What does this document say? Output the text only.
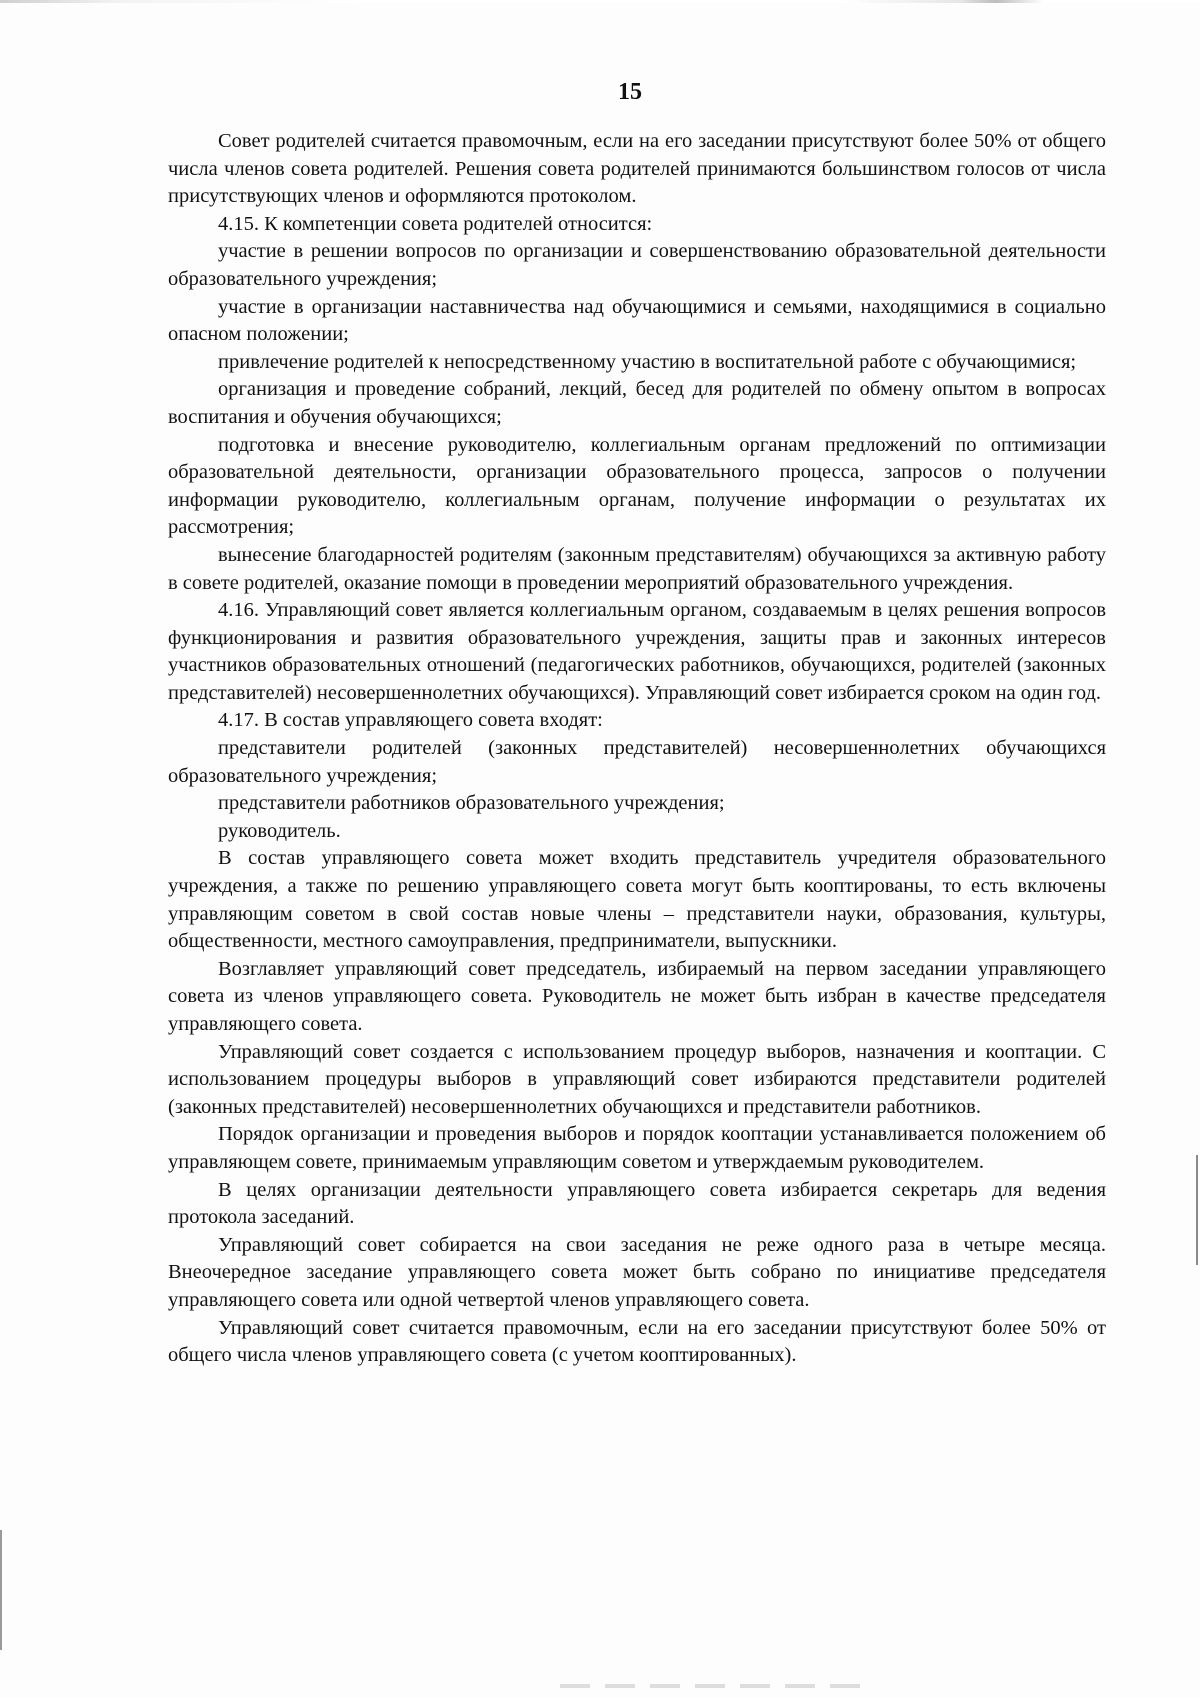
15

Совет родителей считается правомочным, если на его заседании присутствуют более 50% от общего числа членов совета родителей. Решения совета родителей принимаются большинством голосов от числа присутствующих членов и оформляются протоколом.

4.15. К компетенции совета родителей относится:

участие в решении вопросов по организации и совершенствованию образовательной деятельности образовательного учреждения;

участие в организации наставничества над обучающимися и семьями, находящимися в социально опасном положении;

привлечение родителей к непосредственному участию в воспитательной работе с обучающимися;

организация и проведение собраний, лекций, бесед для родителей по обмену опытом в вопросах воспитания и обучения обучающихся;

подготовка и внесение руководителю, коллегиальным органам предложений по оптимизации образовательной деятельности, организации образовательного процесса, запросов о получении информации руководителю, коллегиальным органам, получение информации о результатах их рассмотрения;

вынесение благодарностей родителям (законным представителям) обучающихся за активную работу в совете родителей, оказание помощи в проведении мероприятий образовательного учреждения.

4.16. Управляющий совет является коллегиальным органом, создаваемым в целях решения вопросов функционирования и развития образовательного учреждения, защиты прав и законных интересов участников образовательных отношений (педагогических работников, обучающихся, родителей (законных представителей) несовершеннолетних обучающихся). Управляющий совет избирается сроком на один год.

4.17. В состав управляющего совета входят:

представители родителей (законных представителей) несовершеннолетних обучающихся образовательного учреждения;

представители работников образовательного учреждения;

руководитель.

В состав управляющего совета может входить представитель учредителя образовательного учреждения, а также по решению управляющего совета могут быть кооптированы, то есть включены управляющим советом в свой состав новые члены – представители науки, образования, культуры, общественности, местного самоуправления, предприниматели, выпускники.

Возглавляет управляющий совет председатель, избираемый на первом заседании управляющего совета из членов управляющего совета. Руководитель не может быть избран в качестве председателя управляющего совета.

Управляющий совет создается с использованием процедур выборов, назначения и кооптации. С использованием процедуры выборов в управляющий совет избираются представители родителей (законных представителей) несовершеннолетних обучающихся и представители работников.

Порядок организации и проведения выборов и порядок кооптации устанавливается положением об управляющем совете, принимаемым управляющим советом и утверждаемым руководителем.

В целях организации деятельности управляющего совета избирается секретарь для ведения протокола заседаний.

Управляющий совет собирается на свои заседания не реже одного раза в четыре месяца. Внеочередное заседание управляющего совета может быть собрано по инициативе председателя управляющего совета или одной четвертой членов управляющего совета.

Управляющий совет считается правомочным, если на его заседании присутствуют более 50% от общего числа членов управляющего совета (с учетом кооптированных).
